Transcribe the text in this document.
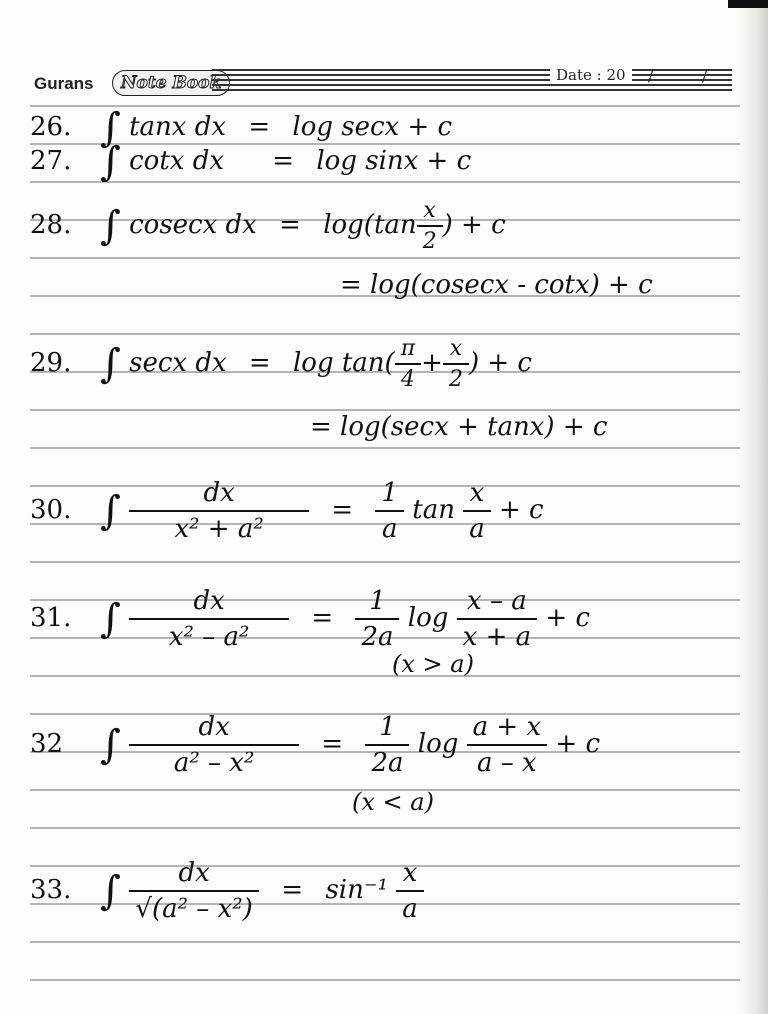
Gurans	Note Book	Date : 20	/	/
26. ∫ tanx dx = log secx + c
27. ∫ cotx dx = log sinx + c
28. ∫ cosecx dx = $\log(\tan \frac{x}{2}$ ) + c
= log(cosecx - cotx) + c
29. ∫ secx dx = $\log \tan( \frac{\pi}{4} + \frac{x}{2}$ ) + c
= log(secx + tanx) + c
30. ∫ $\frac{dx}{\text{x² + a²}} = \frac{1}{a}$ $\tan \frac{x}{a} + c$
31. ∫ $\frac{dx}{\text{x² – a²}} = \frac{1}{2a}$ $\log \frac{x - a}{x + a} + c$
(x > a)
32 ∫ $\frac{dx}{\text{a² – x²}} = \frac{1}{2a}$ $\log \frac{a + x}{a - x} + c$
(x < a)
33. ∫ $\frac{dx}{\text{√(a² – x²)}} = \sin^{-1} \frac{x}{a}$
